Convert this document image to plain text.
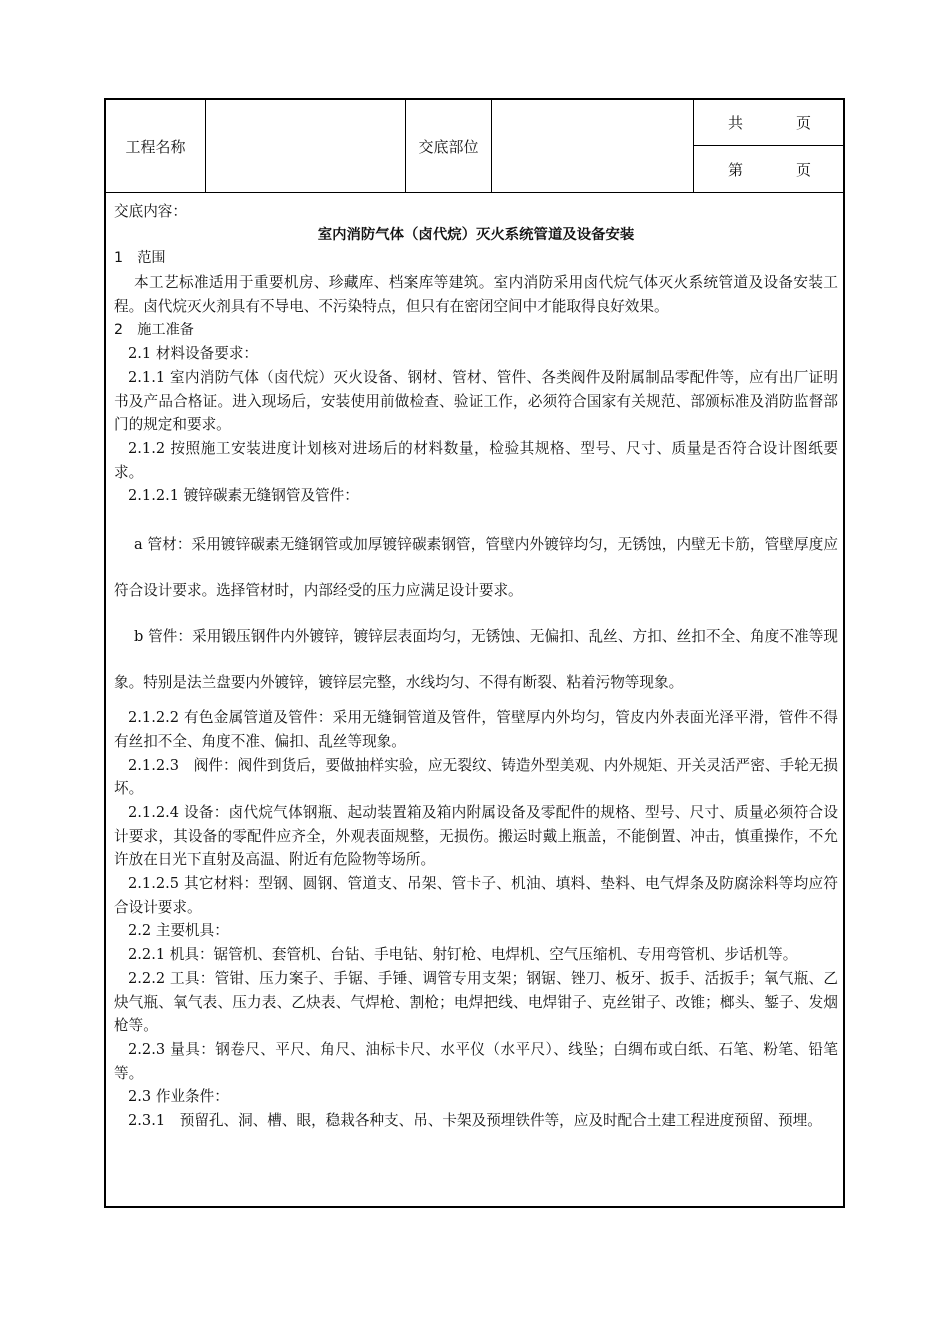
工程名称	交底部位
共	页
第	页

交底内容：

室内消防气体（卤代烷）灭火系统管道及设备安装

1　范围

本工艺标准适用于重要机房、珍藏库、档案库等建筑。室内消防采用卤代烷气体灭火系统管道及设备安装工程。卤代烷灭火剂具有不导电、不污染特点，但只有在密闭空间中才能取得良好效果。

2　施工准备

2.1 材料设备要求：

2.1.1 室内消防气体（卤代烷）灭火设备、钢材、管材、管件、各类阀件及附属制品零配件等，应有出厂证明书及产品合格证。进入现场后，安装使用前做检查、验证工作，必须符合国家有关规范、部颁标准及消防监督部门的规定和要求。

2.1.2 按照施工安装进度计划核对进场后的材料数量，检验其规格、型号、尺寸、质量是否符合设计图纸要求。

2.1.2.1 镀锌碳素无缝钢管及管件：

a 管材：采用镀锌碳素无缝钢管或加厚镀锌碳素钢管，管壁内外镀锌均匀，无锈蚀，内壁无卡筋，管壁厚度应符合设计要求。选择管材时，内部经受的压力应满足设计要求。

b 管件：采用锻压钢件内外镀锌，镀锌层表面均匀，无锈蚀、无偏扣、乱丝、方扣、丝扣不全、角度不准等现象。特别是法兰盘要内外镀锌，镀锌层完整，水线均匀、不得有断裂、粘着污物等现象。

2.1.2.2 有色金属管道及管件：采用无缝铜管道及管件，管壁厚内外均匀，管皮内外表面光泽平滑，管件不得有丝扣不全、角度不准、偏扣、乱丝等现象。

2.1.2.3　阀件：阀件到货后，要做抽样实验，应无裂纹、铸造外型美观、内外规矩、开关灵活严密、手轮无损坏。

2.1.2.4 设备：卤代烷气体钢瓶、起动装置箱及箱内附属设备及零配件的规格、型号、尺寸、质量必须符合设计要求，其设备的零配件应齐全，外观表面规整，无损伤。搬运时戴上瓶盖，不能倒置、冲击，慎重操作，不允许放在日光下直射及高温、附近有危险物等场所。

2.1.2.5 其它材料：型钢、圆钢、管道支、吊架、管卡子、机油、填料、垫料、电气焊条及防腐涂料等均应符合设计要求。

2.2 主要机具：

2.2.1 机具：锯管机、套管机、台钻、手电钻、射钉枪、电焊机、空气压缩机、专用弯管机、步话机等。

2.2.2 工具：管钳、压力案子、手锯、手锤、调管专用支架；钢锯、锉刀、板牙、扳手、活扳手；氧气瓶、乙炔气瓶、氧气表、压力表、乙炔表、气焊枪、割枪；电焊把线、电焊钳子、克丝钳子、改锥；榔头、錾子、发烟枪等。

2.2.3 量具：钢卷尺、平尺、角尺、油标卡尺、水平仪（水平尺）、线坠；白绸布或白纸、石笔、粉笔、铅笔等。

2.3 作业条件：

2.3.1　预留孔、洞、槽、眼，稳栽各种支、吊、卡架及预埋铁件等，应及时配合土建工程进度预留、预埋。
